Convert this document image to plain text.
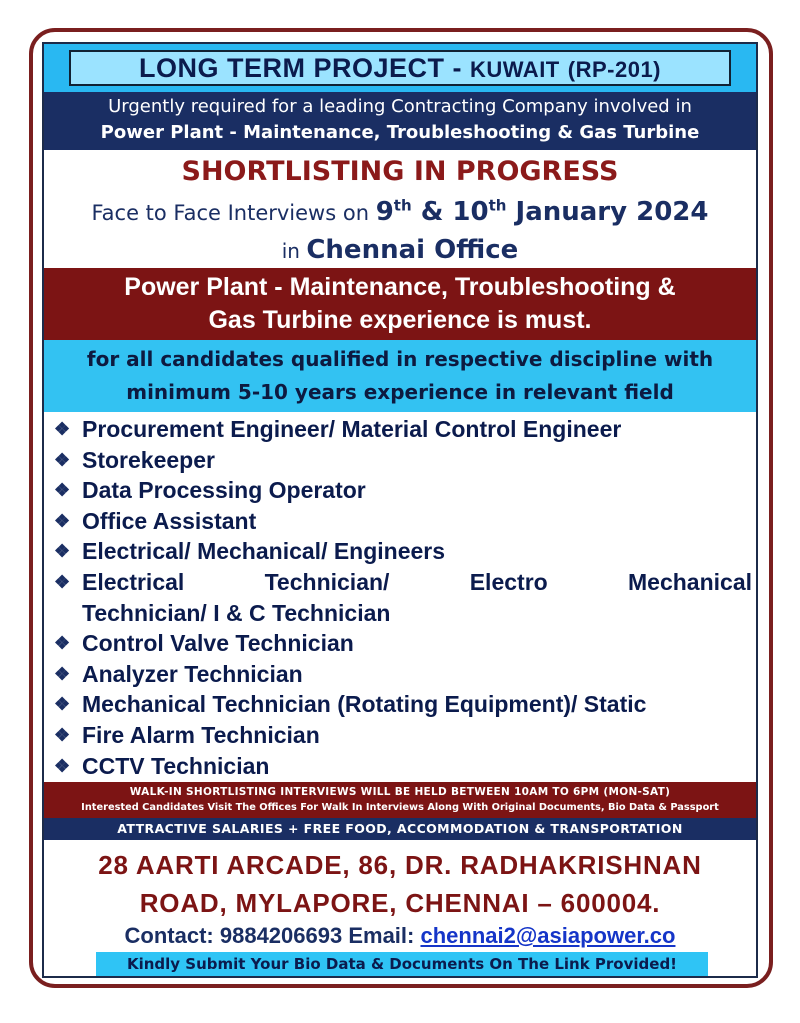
LONG TERM PROJECT - KUWAIT (RP-201)
Urgently required for a leading Contracting Company involved in
Power Plant - Maintenance, Troubleshooting & Gas Turbine
SHORTLISTING IN PROGRESS
Face to Face Interviews on 9th & 10th January 2024
in Chennai Office
Power Plant - Maintenance, Troubleshooting &
Gas Turbine experience is must.
for all candidates qualified in respective discipline with
minimum 5-10 years experience in relevant field
❖ Procurement Engineer/ Material Control Engineer
❖ Storekeeper
❖ Data Processing Operator
❖ Office Assistant
❖ Electrical/ Mechanical/ Engineers
❖ Electrical	Technician/	Electro	Mechanical
Technician/ I & C Technician
❖ Control Valve Technician
❖ Analyzer Technician
❖ Mechanical Technician (Rotating Equipment)/ Static
❖ Fire Alarm Technician
❖ CCTV Technician
WALK-IN SHORTLISTING INTERVIEWS WILL BE HELD BETWEEN 10AM TO 6PM (MON-SAT)
Interested Candidates Visit The Offices For Walk In Interviews Along With Original Documents, Bio Data & Passport
ATTRACTIVE SALARIES + FREE FOOD, ACCOMMODATION & TRANSPORTATION
28 AARTI ARCADE, 86, DR. RADHAKRISHNAN
ROAD, MYLAPORE, CHENNAI – 600004.
Contact: 9884206693 Email: chennai2@asiapower.co
Kindly Submit Your Bio Data & Documents On The Link Provided!
